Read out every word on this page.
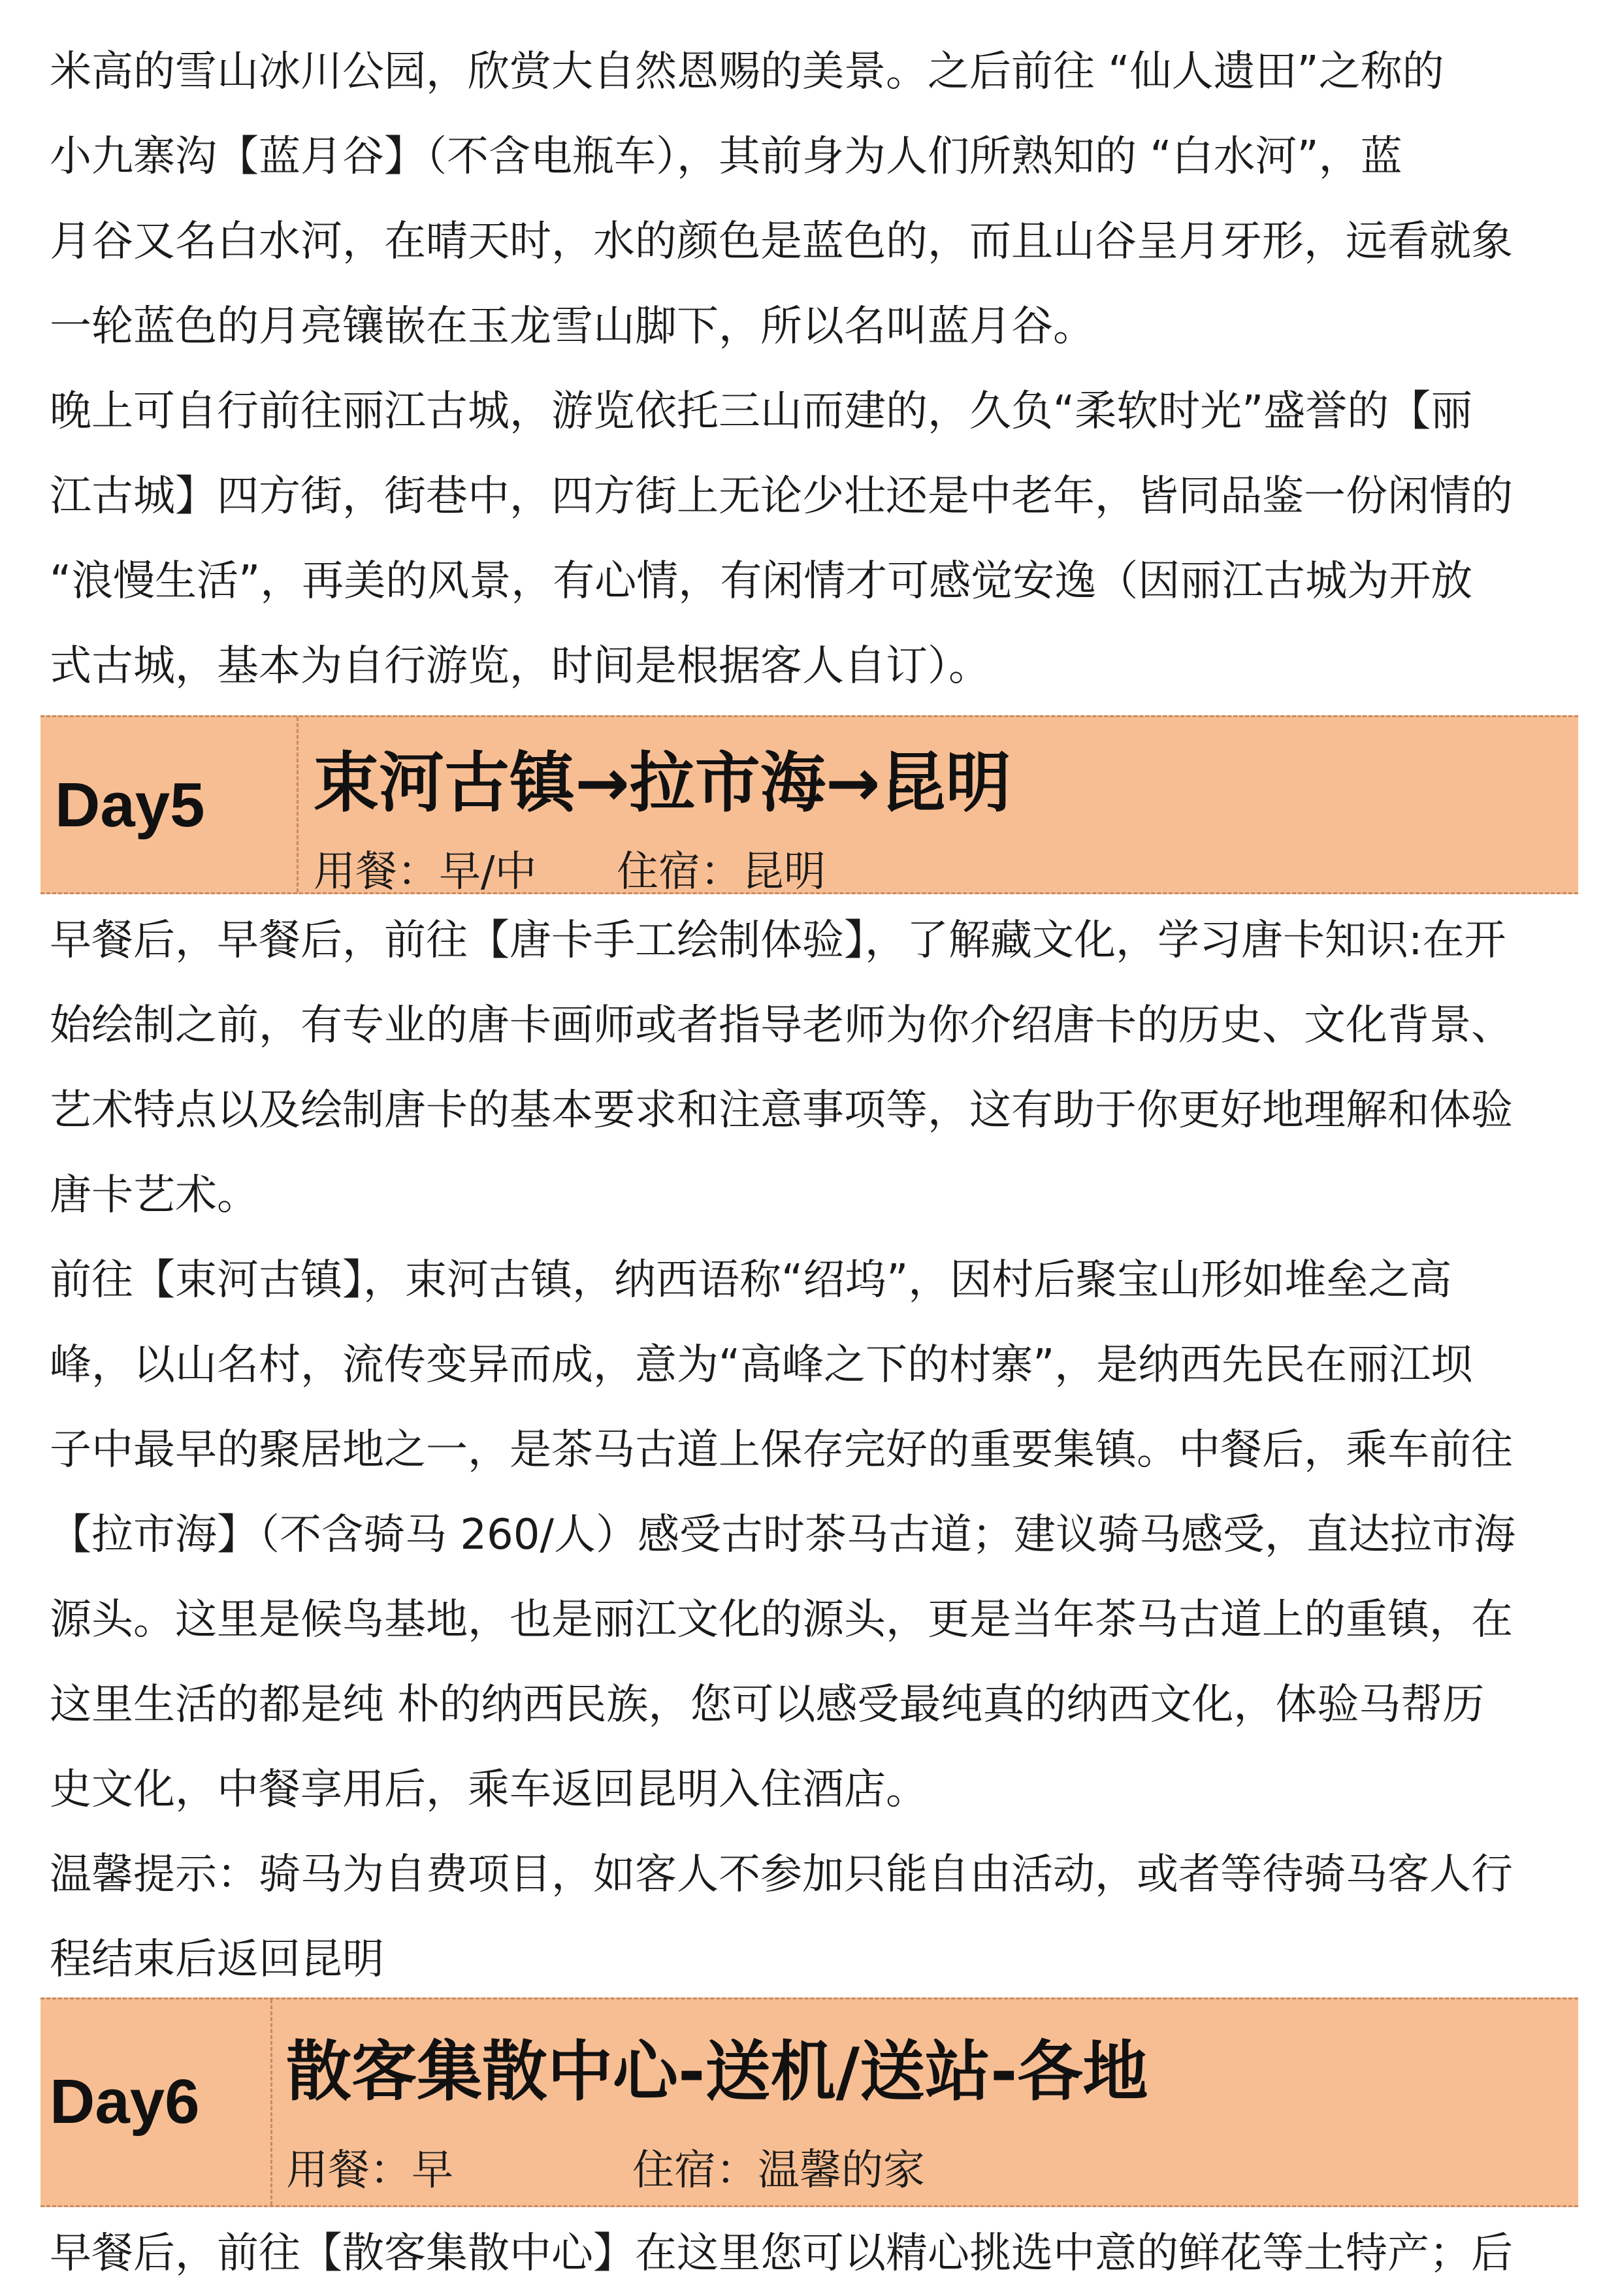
米高的雪山冰川公园，欣赏大自然恩赐的美景。之后前往 “仙人遗田”之称的
小九寨沟【蓝月谷】（不含电瓶车），其前身为人们所熟知的 “白水河”，蓝
月谷又名白水河，在晴天时，水的颜色是蓝色的，而且山谷呈月牙形，远看就象
一轮蓝色的月亮镶嵌在玉龙雪山脚下，所以名叫蓝月谷。
晚上可自行前往丽江古城，游览依托三山而建的，久负“柔软时光”盛誉的【丽
江古城】四方街，街巷中，四方街上无论少壮还是中老年，皆同品鉴一份闲情的
“浪慢生活”，再美的风景，有心情，有闲情才可感觉安逸（因丽江古城为开放
式古城，基本为自行游览，时间是根据客人自订）。
Day5 束河古镇→拉市海→昆明
用餐：早/中 住宿：昆明
早餐后，早餐后，前往【唐卡手工绘制体验】，了解藏文化，学习唐卡知识:在开
始绘制之前，有专业的唐卡画师或者指导老师为你介绍唐卡的历史、文化背景、
艺术特点以及绘制唐卡的基本要求和注意事项等，这有助于你更好地理解和体验
唐卡艺术。
前往【束河古镇】，束河古镇，纳西语称“绍坞”，因村后聚宝山形如堆垒之高
峰，以山名村，流传变异而成，意为“高峰之下的村寨”，是纳西先民在丽江坝
子中最早的聚居地之一，是茶马古道上保存完好的重要集镇。中餐后，乘车前往
【拉市海】（不含骑马 260/人）感受古时茶马古道；建议骑马感受，直达拉市海
源头。这里是候鸟基地，也是丽江文化的源头，更是当年茶马古道上的重镇，在
这里生活的都是纯 朴的纳西民族，您可以感受最纯真的纳西文化，体验马帮历
史文化，中餐享用后，乘车返回昆明入住酒店。
温馨提示：骑马为自费项目，如客人不参加只能自由活动，或者等待骑马客人行
程结束后返回昆明
Day6 散客集散中心-送机/送站-各地
用餐：早	住宿：温馨的家
早餐后，前往【散客集散中心】在这里您可以精心挑选中意的鲜花等土特产；后
